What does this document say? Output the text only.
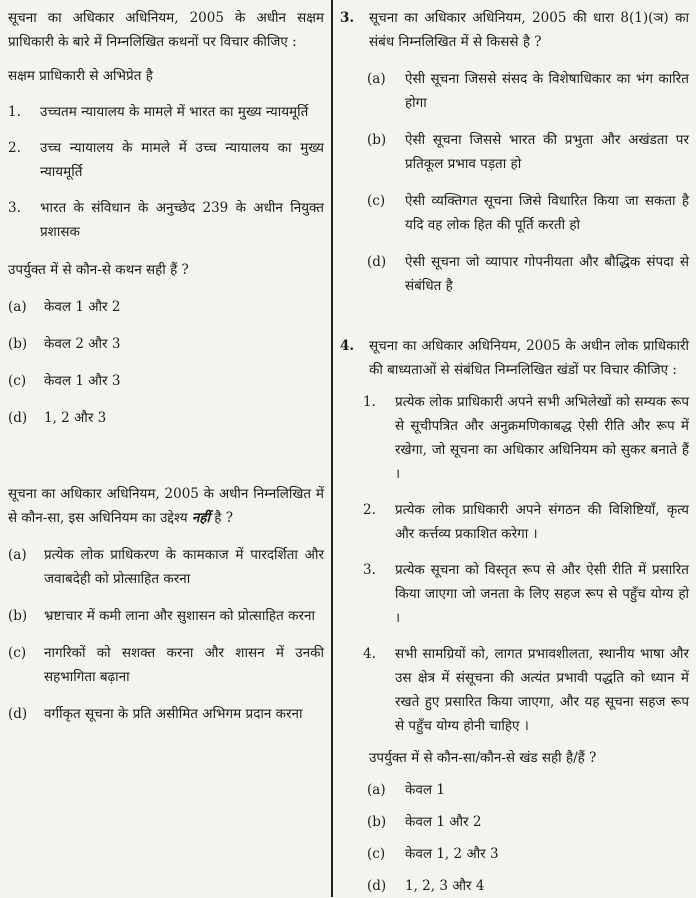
सूचना का अधिकार अधिनियम, 2005 के अधीन सक्षम प्राधिकारी के बारे में निम्नलिखित कथनों पर विचार कीजिए :

सक्षम प्राधिकारी से अभिप्रेत है

1.	उच्चतम न्यायालय के मामले में भारत का मुख्य न्यायमूर्ति
2.	उच्च न्यायालय के मामले में उच्च न्यायालय का मुख्य न्यायमूर्ति
3.	भारत के संविधान के अनुच्छेद 239 के अधीन नियुक्त प्रशासक

उपर्युक्त में से कौन-से कथन सही हैं ?

(a)	केवल 1 और 2
(b)	केवल 2 और 3
(c)	केवल 1 और 3
(d)	1, 2 और 3

सूचना का अधिकार अधिनियम, 2005 के अधीन निम्नलिखित में से कौन-सा, इस अधिनियम का उद्देश्य नहीं है ?

(a)	प्रत्येक लोक प्राधिकरण के कामकाज में पारदर्शिता और जवाबदेही को प्रोत्साहित करना
(b)	भ्रष्टाचार में कमी लाना और सुशासन को प्रोत्साहित करना
(c)	नागरिकों को सशक्त करना और शासन में उनकी सहभागिता बढ़ाना
(d)	वर्गीकृत सूचना के प्रति असीमित अभिगम प्रदान करना
3.	सूचना का अधिकार अधिनियम, 2005 की धारा 8(1)(ञ) का संबंध निम्नलिखित में से किससे है ?

(a)	ऐसी सूचना जिससे संसद के विशेषाधिकार का भंग कारित होगा
(b)	ऐसी सूचना जिससे भारत की प्रभुता और अखंडता पर प्रतिकूल प्रभाव पड़ता हो
(c)	ऐसी व्यक्तिगत सूचना जिसे विधारित किया जा सकता है यदि वह लोक हित की पूर्ति करती हो
(d)	ऐसी सूचना जो व्यापार गोपनीयता और बौद्धिक संपदा से संबंधित है
4.	सूचना का अधिकार अधिनियम, 2005 के अधीन लोक प्राधिकारी की बाध्यताओं से संबंधित निम्नलिखित खंडों पर विचार कीजिए :

1.	प्रत्येक लोक प्राधिकारी अपने सभी अभिलेखों को सम्यक रूप से सूचीपत्रित और अनुक्रमणिकाबद्ध ऐसी रीति और रूप में रखेगा, जो सूचना का अधिकार अधिनियम को सुकर बनाते हैं ।
2.	प्रत्येक लोक प्राधिकारी अपने संगठन की विशिष्टियाँ, कृत्य और कर्त्तव्य प्रकाशित करेगा ।
3.	प्रत्येक सूचना को विस्तृत रूप से और ऐसी रीति में प्रसारित किया जाएगा जो जनता के लिए सहज रूप से पहुँच योग्य हो ।
4.	सभी सामग्रियों को, लागत प्रभावशीलता, स्थानीय भाषा और उस क्षेत्र में संसूचना की अत्यंत प्रभावी पद्धति को ध्यान में रखते हुए प्रसारित किया जाएगा, और यह सूचना सहज रूप से पहुँच योग्य होनी चाहिए ।

उपर्युक्त में से कौन-सा/कौन-से खंड सही है/हैं ?

(a)	केवल 1
(b)	केवल 1 और 2
(c)	केवल 1, 2 और 3
(d)	1, 2, 3 और 4
